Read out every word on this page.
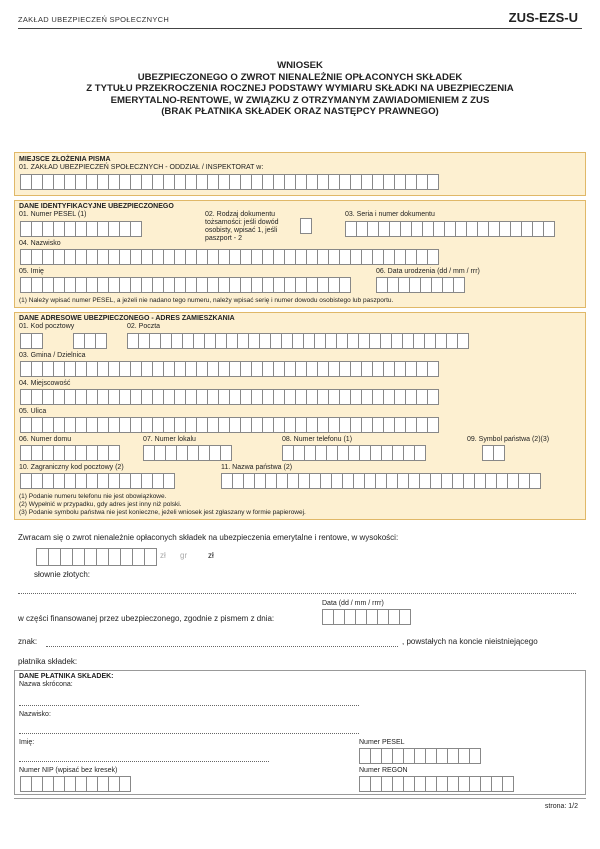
ZAKŁAD UBEZPIECZEŃ SPOŁECZNYCH	ZUS-EZS-U
WNIOSEK
UBEZPIECZONEGO O ZWROT NIENALEŻNIE OPŁACONYCH SKŁADEK
Z TYTUŁU PRZEKROCZENIA ROCZNEJ PODSTAWY WYMIARU SKŁADKI NA UBEZPIECZENIA
EMERYTALNO-RENTOWE, W ZWIĄZKU Z OTRZYMANYM ZAWIADOMIENIEM Z ZUS
(BRAK PŁATNIKA SKŁADEK ORAZ NASTĘPCY PRAWNEGO)
MIEJSCE ZŁOŻENIA PISMA
01. ZAKŁAD UBEZPIECZEŃ SPOŁECZNYCH - ODDZIAŁ / INSPEKTORAT w:
DANE IDENTYFIKACYJNE UBEZPIECZONEGO
01. Numer PESEL (1)	02. Rodzaj dokumentu tożsamości: jeśli dowód osobisty, wpisać 1, jeśli paszport - 2
03. Seria i numer dokumentu
04. Nazwisko
05. Imię	06. Data urodzenia (dd / mm / rrr)
(1) Należy wpisać numer PESEL, a jeżeli nie nadano tego numeru, należy wpisać serię i numer dowodu osobistego lub paszportu.
DANE ADRESOWE UBEZPIECZONEGO - ADRES ZAMIESZKANIA
01. Kod pocztowy	02. Poczta
03. Gmina / Dzielnica
04. Miejscowość
05. Ulica
06. Numer domu	07. Numer lokalu	08. Numer telefonu (1)	09. Symbol państwa (2)(3)
10. Zagraniczny kod pocztowy (2)	11. Nazwa państwa (2)
(1) Podanie numeru telefonu nie jest obowiązkowe.
(2) Wypełnić w przypadku, gdy adres jest inny niż polski.
(3) Podanie symbolu państwa nie jest konieczne, jeżeli wniosek jest zgłaszany w formie papierowej.
Zwracam się o zwrot nienależnie opłaconych składek na ubezpieczenia emerytalne i rentowe, w wysokości:
zł gr	zł
słownie złotych:
Data (dd / mm / rrrr)
w części finansowanej przez ubezpieczonego, zgodnie z pismem z dnia:
znak:	, powstałych na koncie nieistniejącego
płatnika składek:
DANE PŁATNIKA SKŁADEK:
Nazwa skrócona:
Nazwisko:
Imię:	Numer PESEL
Numer NIP (wpisać bez kresek)	Numer REGON
strona: 1/2
